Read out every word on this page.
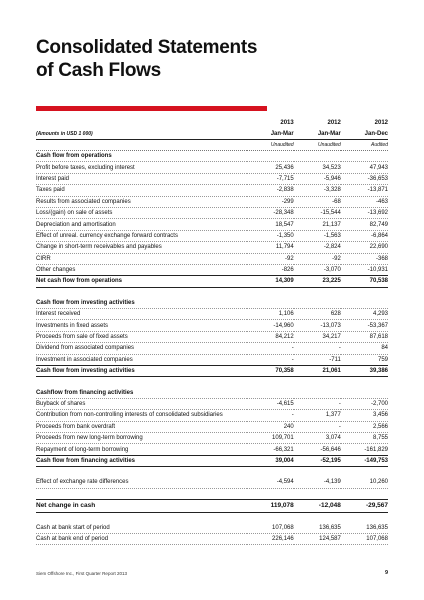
Consolidated Statements
of Cash Flows
	2013	2012	2012
(Amounts in USD 1 000)	Jan-Mar	Jan-Mar	Jan-Dec
	Unaudited	Unaudited	Audited
Cash flow from operations			
Profit before taxes, excluding interest	25,436	34,523	47,943
Interest paid	-7,715	-5,946	-36,653
Taxes paid	-2,838	-3,328	-13,871
Results from associated companies	-299	-68	-463
Loss/(gain) on sale of assets	-28,348	-15,544	-13,692
Depreciation and amortisation	18,547	21,137	82,749
Effect of unreal. currency exchange forward contracts	-1,350	-1,563	-6,864
Change in short-term receivables and payables	11,794	-2,824	22,690
CIRR	-92	-92	-368
Other changes	-826	-3,070	-10,931
Net cash flow from operations	14,309	23,225	70,538

Cash flow from investing activities			
Interest received	1,106	628	4,293
Investments in fixed assets	-14,960	-13,073	-53,367
Proceeds from sale of fixed assets	84,212	34,217	87,618
Dividend from associated companies	-	-	84
Investment in associated companies	-	-711	759
Cash flow from investing activities	70,358	21,061	39,386

Cashflow from financing activities			
Buyback of shares	-4,615	-	-2,700
Contribution from non-controlling interests of consolidated subsidiaries	-	1,377	3,456
Proceeds from bank overdraft	240	-	2,566
Proceeds from new long-term borrowing	109,701	3,074	8,755
Repayment of long-term borrowing	-66,321	-56,646	-161,829
Cash flow from financing activities	39,004	-52,195	-149,753

Effect of exchange rate differences	-4,594	-4,139	10,260

Net change in cash	119,078	-12,048	-29,567

Cash at bank start of period	107,068	136,635	136,635
Cash at bank end of period	226,146	124,587	107,068
Siem Offshore Inc., First Quarter Report 2013	9
